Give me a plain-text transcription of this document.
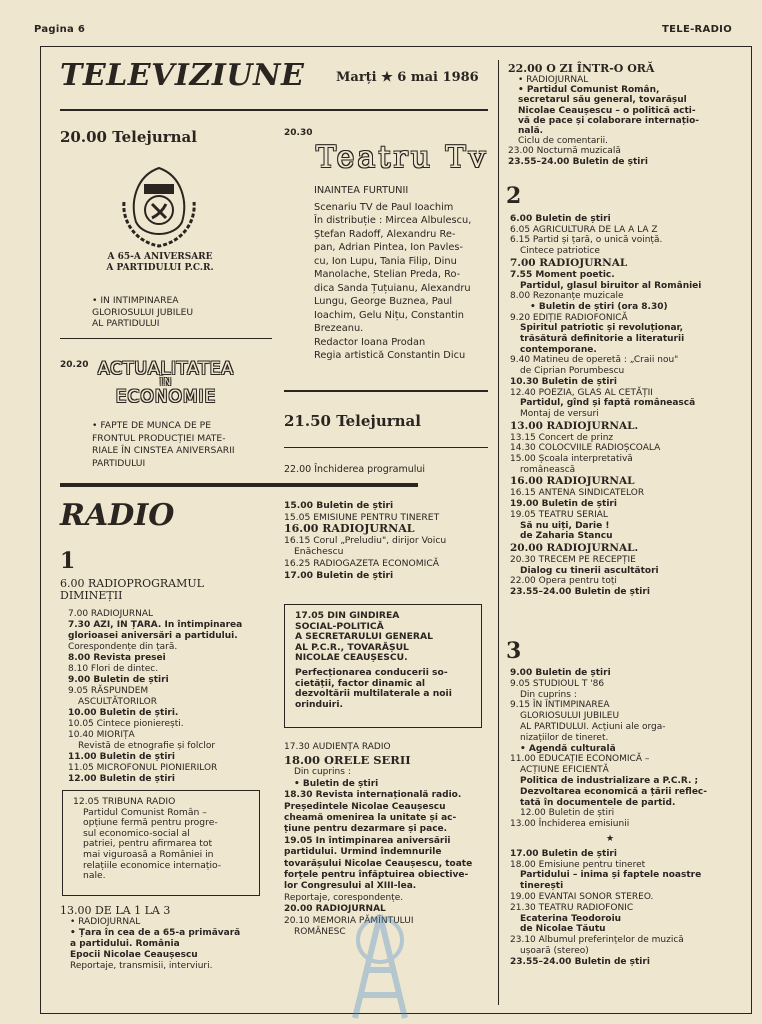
Pagina 6	TELE-RADIO
TELEVIZIUNE Marți ★ 6 mai 1986
20.00 Telejurnal
A 65-A ANIVERSARE
A PARTIDULUI P.C.R.
• IN INTIMPINAREA
GLORIOSULUI JUBILEU
AL PARTIDULUI
20.20 ACTUALITATEA
ÎN
ECONOMIE
• FAPTE DE MUNCA DE PE
FRONTUL PRODUCȚIEI MATE-
RIALE ÎN CINSTEA ANIVERSARII
PARTIDULUI
20.30
Teatru Tv
INAINTEA FURTUNII
Scenariu TV de Paul Ioachim
În distribuție : Mircea Albulescu,
Ștefan Radoff, Alexandru Re-
pan, Adrian Pintea, Ion Pavles-
cu, Ion Lupu, Tania Filip, Dinu
Manolache, Stelian Preda, Ro-
dica Sanda Țuțuianu, Alexandru
Lungu, George Buznea, Paul
Ioachim, Gelu Nițu, Constantin
Brezeanu.
Redactor Ioana Prodan
Regia artistică Constantin Dicu
21.50 Telejurnal
22.00 Închiderea programului
RADIO
1
6.00 RADIOPROGRAMUL
DIMINEȚII
7.00 RADIOJURNAL
7.30 AZI, IN ȚARA. In întimpinarea
glorioasei aniversări a partidului.
Corespondențe din țară.
8.00 Revista presei
8.10 Flori de dintec.
9.00 Buletin de știri
9.05 RĂSPUNDEM
ASCULTĂTORILOR
10.00 Buletin de știri.
10.05 Cintece pionierești.
10.40 MIORIȚA
Revistă de etnografie și folclor
11.00 Buletin de știri
11.05 MICROFONUL PIONIERILOR
12.00 Buletin de știri
12.05 TRIBUNA RADIO
Partidul Comunist Român –
opțiune fermă pentru progre-
sul economico-social al
patriei, pentru afirmarea tot
mai viguroasă a României in
relațiile economice internațio-
nale.
13.00 DE LA 1 LA 3
• RADIOJURNAL
• Țara în cea de a 65-a primăvară
a partidului. România
Epocii Nicolae Ceaușescu
Reportaje, transmisii, interviuri.
15.00 Buletin de știri
15.05 EMISIUNE PENTRU TINERET
16.00 RADIOJURNAL
16.15 Corul „Preludiu", dirijor Voicu
Enăchescu
16.25 RADIOGAZETA ECONOMICĂ
17.00 Buletin de știri
17.05 DIN GINDIREA
SOCIAL-POLITICĂ
A SECRETARULUI GENERAL
AL P.C.R., TOVARĂȘUL
NICOLAE CEAUȘESCU.
Perfecționarea conducerii so-
cietății, factor dinamic al
dezvoltării multilaterale a noii
orinduiri.
17.30 AUDIENȚA RADIO
18.00 ORELE SERII
Din cuprins :
• Buletin de știri
18.30 Revista internațională radio.
Președintele Nicolae Ceaușescu
cheamă omenirea la unitate și ac-
țiune pentru dezarmare și pace.
19.05 In întimpinarea aniversării
partidului. Urmind îndemnurile
tovarășului Nicolae Ceaușescu, toate
forțele pentru înfăptuirea obiective-
lor Congresului al XIII-lea.
Reportaje, corespondențe.
20.00 RADIOJURNAL
20.10 MEMORIA PĂMÎNTULUI
ROMÂNESC
22.00 O ZI ÎNTR-O ORĂ
• RADIOJURNAL
• Partidul Comunist Român,
secretarul său general, tovarășul
Nicolae Ceaușescu – o politică acti-
vă de pace și colaborare internațio-
nală.
Ciclu de comentarii.
23.00 Nocturnă muzicală
23.55–24.00 Buletin de știri
2
6.00 Buletin de știri
6.05 AGRICULTURA DE LA A LA Z
6.15 Partid și țară, o unică voință.
Cintece patriotice
7.00 RADIOJURNAL
7.55 Moment poetic.
Partidul, glasul biruitor al României
8.00 Rezonanțe muzicale
• Buletin de știri (ora 8.30)
9.20 EDIȚIE RADIOFONICĂ
Spiritul patriotic și revoluționar,
trăsătură definitorie a literaturii
contemporane.
9.40 Matineu de operetă : „Craii nou"
de Ciprian Porumbescu
10.30 Buletin de știri
12.40 POEZIA, GLAS AL CETĂȚII
Partidul, gînd și faptă românească
Montaj de versuri
13.00 RADIOJURNAL.
13.15 Concert de prinz
14.30 COLOCVIILE RADIOȘCOALA
15.00 Școala interpretativă
românească
16.00 RADIOJURNAL
16.15 ANTENA SINDICATELOR
19.00 Buletin de știri
19.05 TEATRU SERIAL
Să nu uiți, Darie !
de Zaharia Stancu
20.00 RADIOJURNAL.
20.30 TRECEM PE RECEPȚIE
Dialog cu tinerii ascultători
22.00 Opera pentru toți
23.55–24.00 Buletin de știri
3
9.00 Buletin de știri
9.05 STUDIOUL T '86
Din cuprins :
9.15 ÎN ÎNTIMPINAREA
GLORIOSULUI JUBILEU
AL PARTIDULUI. Acțiuni ale orga-
nizațiilor de tineret.
• Agendă culturală
11.00 EDUCAȚIE ECONOMICĂ –
ACȚIUNE EFICIENTĂ
Politica de industrializare a P.C.R. ;
Dezvoltarea economică a țării reflec-
tată în documentele de partid.
12.00 Buletin de știri
13.00 Închiderea emisiunii
★
17.00 Buletin de știri
18.00 Emisiune pentru tineret
Partidului – inima și faptele noastre
tinerești
19.00 EVANTAI SONOR STEREO.
21.30 TEATRU RADIOFONIC
Ecaterina Teodoroiu
de Nicolae Tăutu
23.10 Albumul preferințelor de muzică
ușoară (stereo)
23.55–24.00 Buletin de știri
